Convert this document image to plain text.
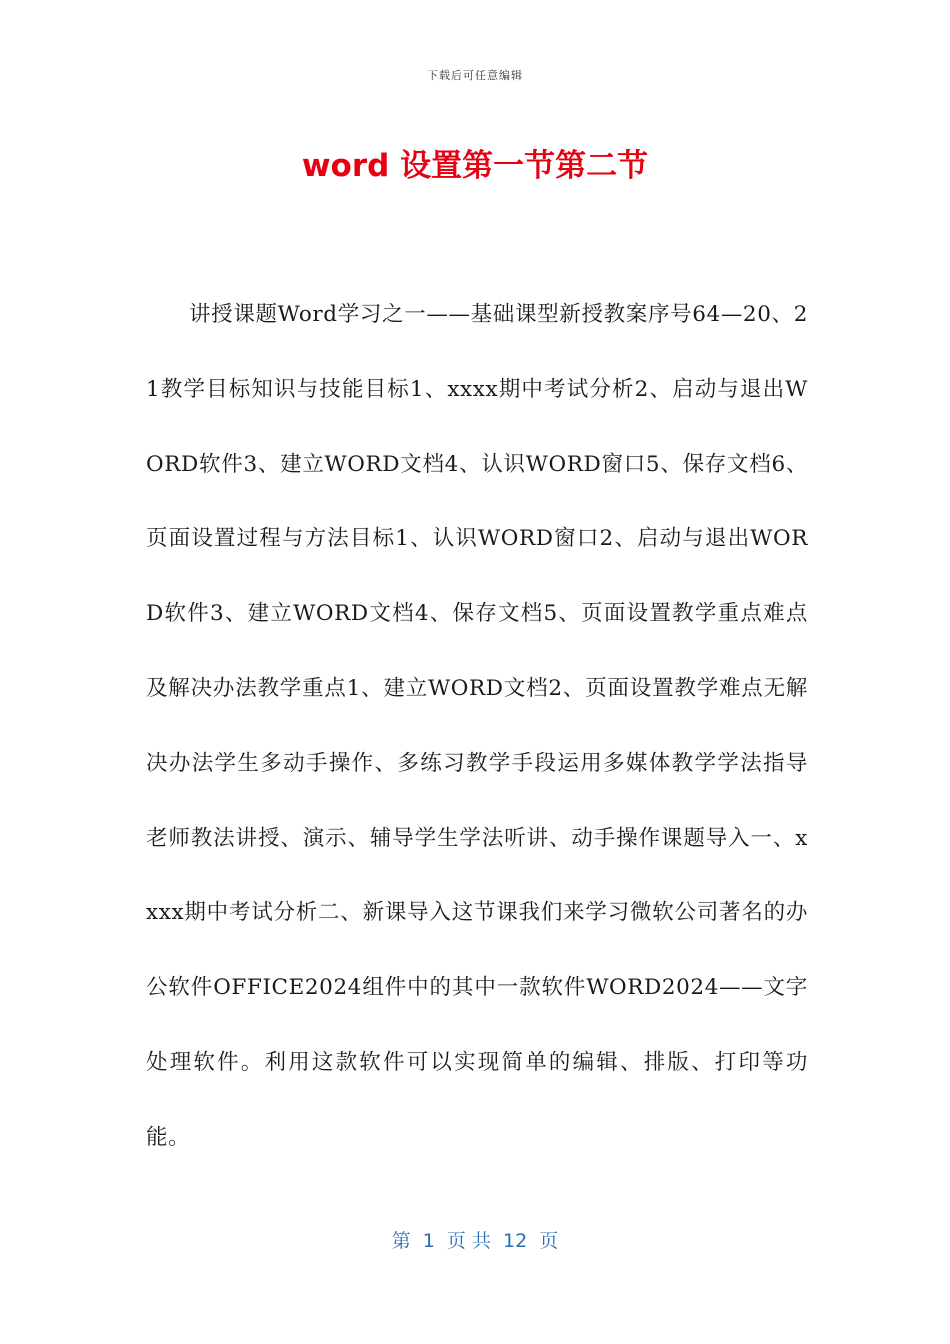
下载后可任意编辑
word 设置第一节第二节

讲授课题Word学习之一——基础课型新授教案序号64—20、21教学目标知识与技能目标1、xxxx期中考试分析2、启动与退出WORD软件3、建立WORD文档4、认识WORD窗口5、保存文档6、页面设置过程与方法目标1、认识WORD窗口2、启动与退出WORD软件3、建立WORD文档4、保存文档5、页面设置教学重点难点及解决办法教学重点1、建立WORD文档2、页面设置教学难点无解决办法学生多动手操作、多练习教学手段运用多媒体教学学法指导老师教法讲授、演示、辅导学生学法听讲、动手操作课题导入一、xxxx期中考试分析二、新课导入这节课我们来学习微软公司著名的办公软件OFFICE2024组件中的其中一款软件WORD2024——文字处理软件。利用这款软件可以实现简单的编辑、排版、打印等功能。

第  1  页 共  12  页
